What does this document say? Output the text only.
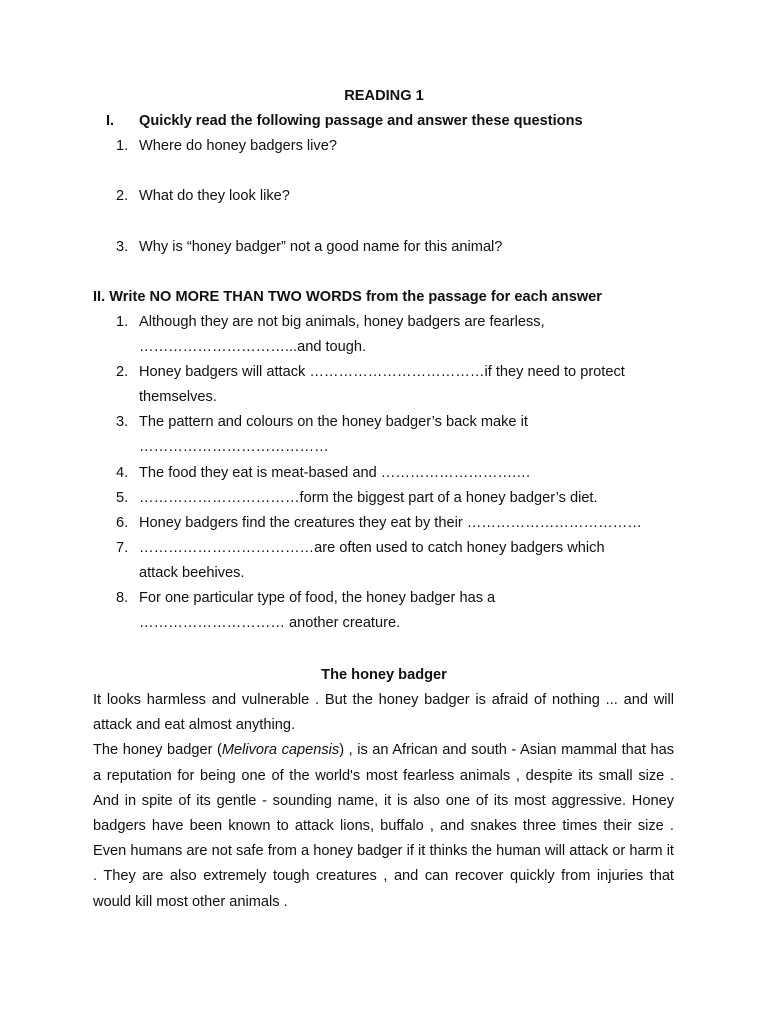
READING 1
I. Quickly read the following passage and answer these questions
1. Where do honey badgers live?
2. What do they look like?
3. Why is “honey badger” not a good name for this animal?
II. Write NO MORE THAN TWO WORDS from the passage for each answer
1. Although they are not big animals, honey badgers are fearless,
…………………………...and tough.
2. Honey badgers will attack ………………………………if they need to protect
themselves.
3. The pattern and colours on the honey badger’s back make it
…………………………………
4. The food they eat is meat-based and ……………………….…
5. ……………………………form the biggest part of a honey badger’s diet.
6. Honey badgers find the creatures they eat by their ………………………………
7. ………………………………are often used to catch honey badgers which
attack beehives.
8. For one particular type of food, the honey badger has a
………………………… another creature.
The honey badger

It looks harmless and vulnerable . But the honey badger is afraid of nothing ... and will attack and eat almost anything.

The honey badger (Melivora capensis) , is an African and south - Asian mammal that has a reputation for being one of the world's most fearless animals , despite its small size . And in spite of its gentle - sounding name, it is also one of its most aggressive. Honey badgers have been known to attack lions, buffalo , and snakes three times their size . Even humans are not safe from a honey badger if it thinks the human will attack or harm it . They are also extremely tough creatures , and can recover quickly from injuries that would kill most other animals .
